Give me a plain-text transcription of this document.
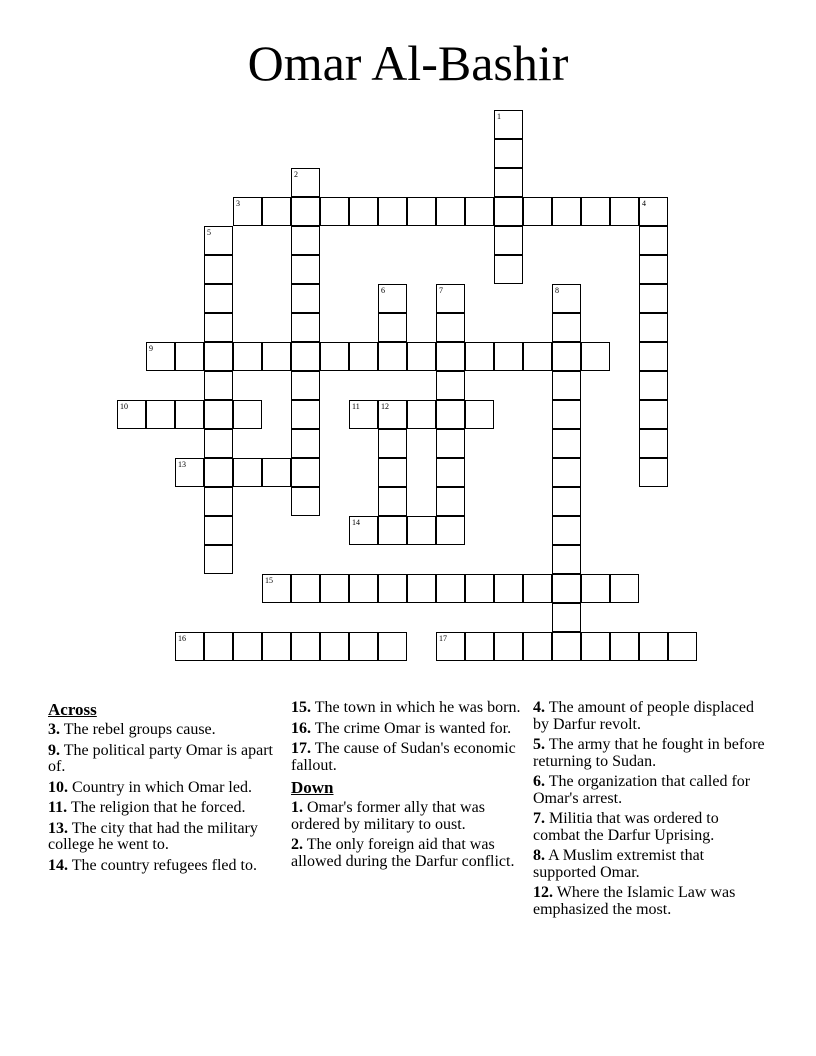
Omar Al-Bashir
1
2
3	4
5
6	7	8
9
10	11	12
13
14
15
16	17

Across

3. The rebel groups cause.

9. The political party Omar is apart of.

10. Country in which Omar led.

11. The religion that he forced.

13. The city that had the military college he went to.

14. The country refugees fled to.

15. The town in which he was born.

16. The crime Omar is wanted for.

17. The cause of Sudan's economic fallout.

Down

1. Omar's former ally that was ordered by military to oust.

2. The only foreign aid that was allowed during the Darfur conflict.

4. The amount of people displaced by Darfur revolt.

5. The army that he fought in before returning to Sudan.

6. The organization that called for Omar's arrest.

7. Militia that was ordered to combat the Darfur Uprising.

8. A Muslim extremist that supported Omar.

12. Where the Islamic Law was emphasized the most.
